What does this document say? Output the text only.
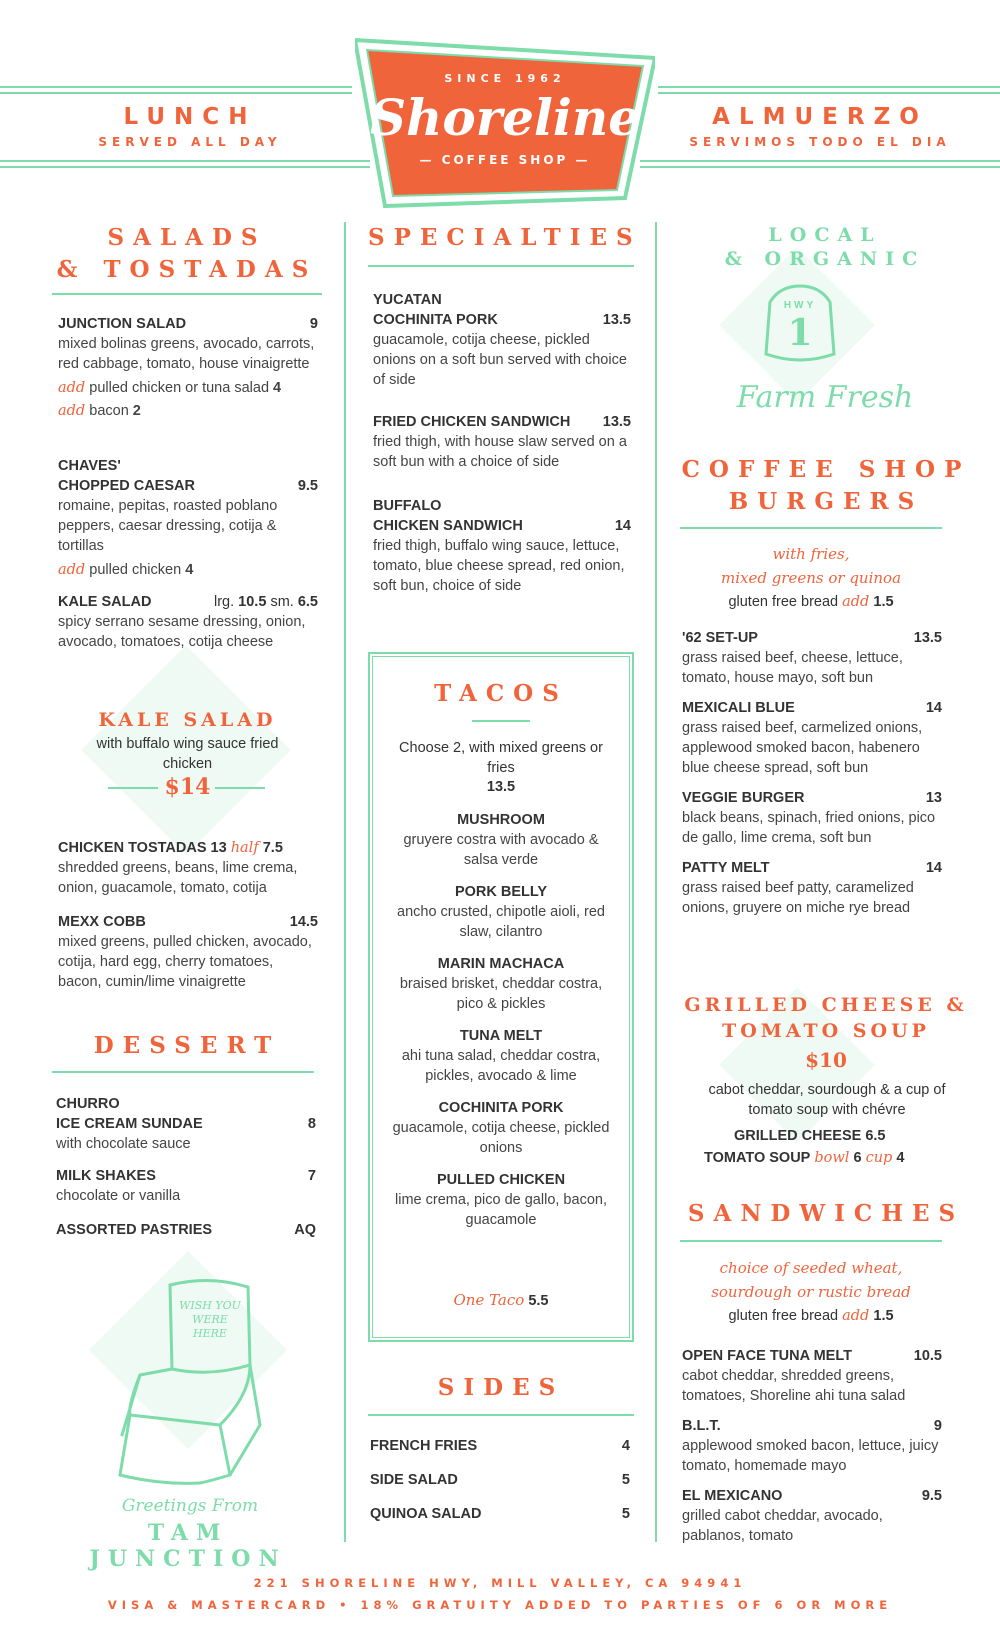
LUNCH
SERVED ALL DAY
ALMUERZO
SERVIMOS TODO EL DIA
SINCE 1962
Shoreline
— COFFEE SHOP —
SALADS
& TOSTADAS
JUNCTION SALAD	9
mixed bolinas greens, avocado, carrots, red cabbage, tomato, house vinaigrette
add pulled chicken or tuna salad 4
add bacon 2
CHAVES'
CHOPPED CAESAR	9.5
romaine, pepitas, roasted poblano peppers, caesar dressing, cotija & tortillas
add pulled chicken 4
KALE SALAD	lrg. 10.5 sm. 6.5
spicy serrano sesame dressing, onion, avocado, tomatoes, cotija cheese
KALE SALAD
with buffalo wing sauce fried chicken
$14
CHICKEN TOSTADAS 13 half 7.5
shredded greens, beans, lime crema, onion, guacamole, tomato, cotija
MEXX COBB	14.5
mixed greens, pulled chicken, avocado, cotija, hard egg, cherry tomatoes, bacon, cumin/lime vinaigrette
DESSERT
CHURRO
ICE CREAM SUNDAE	8
with chocolate sauce
MILK SHAKES	7
chocolate or vanilla
ASSORTED PASTRIES	AQ
WISH YOU WERE HERE
Greetings From
TAM JUNCTION
SPECIALTIES
YUCATAN
COCHINITA PORK	13.5
guacamole, cotija cheese, pickled onions on a soft bun served with choice of side
FRIED CHICKEN SANDWICH	13.5
fried thigh, with house slaw served on a soft bun with a choice of side
BUFFALO
CHICKEN SANDWICH	14
fried thigh, buffalo wing sauce, lettuce, tomato, blue cheese spread, red onion, soft bun, choice of side
TACOS
Choose 2, with mixed greens or fries
13.5
MUSHROOM
gruyere costra with avocado & salsa verde
PORK BELLY
ancho crusted, chipotle aioli, red slaw, cilantro
MARIN MACHACA
braised brisket, cheddar costra, pico & pickles
TUNA MELT
ahi tuna salad, cheddar costra, pickles, avocado & lime
COCHINITA PORK
guacamole, cotija cheese, pickled onions
PULLED CHICKEN
lime crema, pico de gallo, bacon, guacamole
One Taco 5.5
SIDES
FRENCH FRIES	4
SIDE SALAD	5
QUINOA SALAD	5
LOCAL
& ORGANIC
HWY
1
Farm Fresh
COFFEE SHOP
BURGERS
with fries,
mixed greens or quinoa
gluten free bread add 1.5
'62 SET-UP	13.5
grass raised beef, cheese, lettuce, tomato, house mayo, soft bun
MEXICALI BLUE	14
grass raised beef, carmelized onions, applewood smoked bacon, habenero blue cheese spread, soft bun
VEGGIE BURGER	13
black beans, spinach, fried onions, pico de gallo, lime crema, soft bun
PATTY MELT	14
grass raised beef patty, caramelized onions, gruyere on miche rye bread
GRILLED CHEESE &
TOMATO SOUP
$10
cabot cheddar, sourdough & a cup of tomato soup with chévre
GRILLED CHEESE 6.5
TOMATO SOUP bowl 6 cup 4
SANDWICHES
choice of seeded wheat,
sourdough or rustic bread
gluten free bread add 1.5
OPEN FACE TUNA MELT	10.5
cabot cheddar, shredded greens, tomatoes, Shoreline ahi tuna salad
B.L.T.	9
applewood smoked bacon, lettuce, juicy tomato, homemade mayo
EL MEXICANO	9.5
grilled cabot cheddar, avocado, pablanos, tomato
221 SHORELINE HWY, MILL VALLEY, CA 94941
VISA & MASTERCARD • 18% GRATUITY ADDED TO PARTIES OF 6 OR MORE
